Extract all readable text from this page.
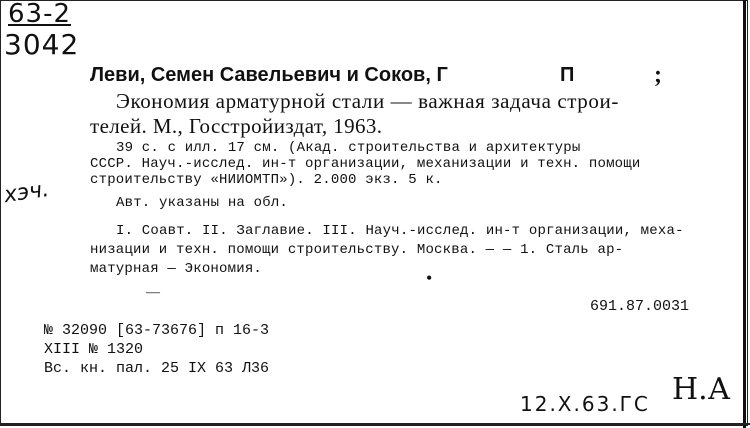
63-2
3042
хэч.
Леви, Семен Савельевич и Соков, Г	П	;
Экономия арматурной стали — важная задача строи-
телей. М., Госстройиздат, 1963.
39 с. с илл. 17 см. (Акад. строительства и архитектуры
СССР. Науч.-исслед. ин-т организации, механизации и техн. помощи
строительству «НИИОМТП»). 2.000 экз. 5 к.
Авт. указаны на обл.
I. Соавт. II. Заглавие. III. Науч.-исслед. ин-т организации, меха-
низации и техн. помощи строительству. Москва. — — 1. Сталь ар-
матурная — Экономия.
—
•
691.87.0031
№ 32090 [63-73676] п 16-3
XIII № 1320
Вс. кн. пал. 25 IX 63 Л36
12.X.63.ГС Н.А
